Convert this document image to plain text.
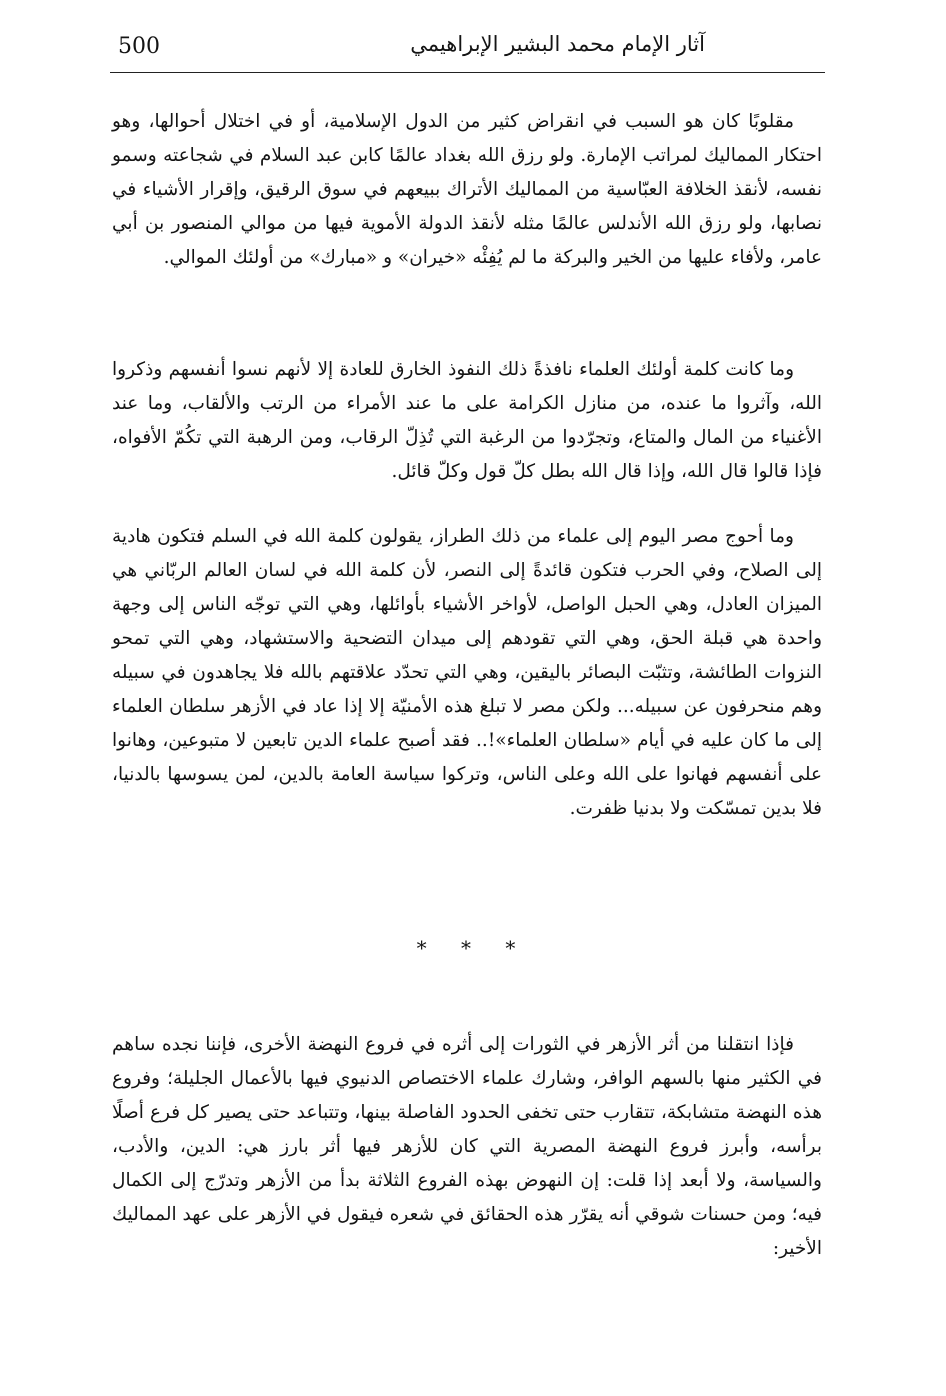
500	آثار الإمام محمد البشير الإبراهيمي

مقلوبًا كان هو السبب في انقراض كثير من الدول الإسلامية، أو في اختلال أحوالها، وهو احتكار المماليك لمراتب الإمارة. ولو رزق الله بغداد عالمًا كابن عبد السلام في شجاعته وسمو نفسه، لأنقذ الخلافة العبّاسية من المماليك الأتراك ببيعهم في سوق الرقيق، وإقرار الأشياء في نصابها، ولو رزق الله الأندلس عالمًا مثله لأنقذ الدولة الأموية فيها من موالي المنصور بن أبي عامر، ولأفاء عليها من الخير والبركة ما لم يُفِئْه «خيران» و «مبارك» من أولئك الموالي.

وما كانت كلمة أولئك العلماء نافذةً ذلك النفوذ الخارق للعادة إلا لأنهم نسوا أنفسهم وذكروا الله، وآثروا ما عنده، من منازل الكرامة على ما عند الأمراء من الرتب والألقاب، وما عند الأغنياء من المال والمتاع، وتجرّدوا من الرغبة التي تُذِلّ الرقاب، ومن الرهبة التي تكُمّ الأفواه، فإذا قالوا قال الله، وإذا قال الله بطل كلّ قول وكلّ قائل.

وما أحوج مصر اليوم إلى علماء من ذلك الطراز، يقولون كلمة الله في السلم فتكون هادية إلى الصلاح، وفي الحرب فتكون قائدةً إلى النصر، لأن كلمة الله في لسان العالم الربّاني هي الميزان العادل، وهي الحبل الواصل، لأواخر الأشياء بأوائلها، وهي التي توجّه الناس إلى وجهة واحدة هي قبلة الحق، وهي التي تقودهم إلى ميدان التضحية والاستشهاد، وهي التي تمحو النزوات الطائشة، وتثبّت البصائر باليقين، وهي التي تحدّد علاقتهم بالله فلا يجاهدون في سبيله وهم منحرفون عن سبيله... ولكن مصر لا تبلغ هذه الأمنيّة إلا إذا عاد في الأزهر سلطان العلماء إلى ما كان عليه في أيام «سلطان العلماء»!.. فقد أصبح علماء الدين تابعين لا متبوعين، وهانوا على أنفسهم فهانوا على الله وعلى الناس، وتركوا سياسة العامة بالدين، لمن يسوسها بالدنيا، فلا بدين تمسّكت ولا بدنيا ظفرت.

* * *

فإذا انتقلنا من أثر الأزهر في الثورات إلى أثره في فروع النهضة الأخرى، فإننا نجده ساهم في الكثير منها بالسهم الوافر، وشارك علماء الاختصاص الدنيوي فيها بالأعمال الجليلة؛ وفروع هذه النهضة متشابكة، تتقارب حتى تخفى الحدود الفاصلة بينها، وتتباعد حتى يصير كل فرع أصلًا برأسه، وأبرز فروع النهضة المصرية التي كان للأزهر فيها أثر بارز هي: الدين، والأدب، والسياسة، ولا أبعد إذا قلت: إن النهوض بهذه الفروع الثلاثة بدأ من الأزهر وتدرّج إلى الكمال فيه؛ ومن حسنات شوقي أنه يقرّر هذه الحقائق في شعره فيقول في الأزهر على عهد المماليك الأخير:
